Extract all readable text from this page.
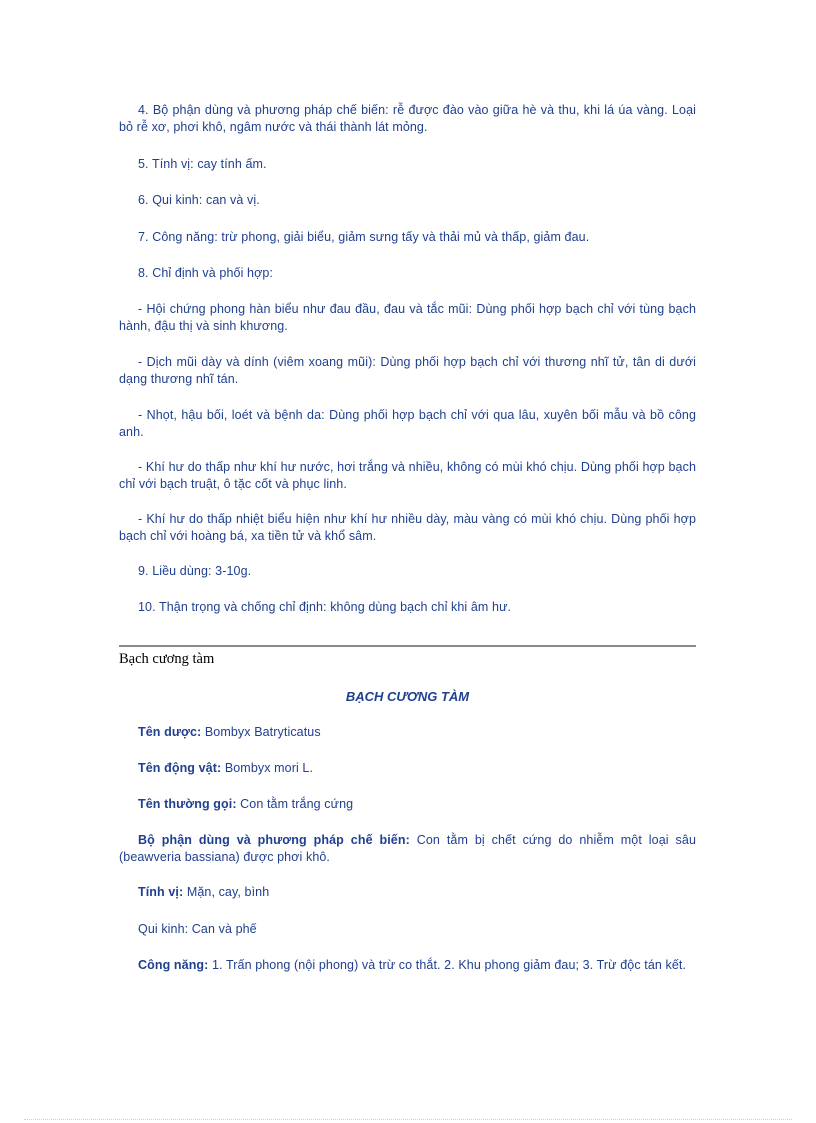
4. Bộ phận dùng và phương pháp chế biến: rễ được đào vào giữa hè và thu, khi lá úa vàng. Loại bỏ rễ xơ, phơi khô, ngâm nước và thái thành lát mỏng.

5. Tính vị: cay tính ấm.

6. Qui kinh: can và vị.

7. Công năng: trừ phong, giải biểu, giảm sưng tấy và thải mủ và thấp, giảm đau.

8. Chỉ định và phối hợp:

- Hội chứng phong hàn biểu như đau đầu, đau và tắc mũi: Dùng phối hợp bạch chỉ với tùng bạch hành, đậu thị và sinh khương.

- Dịch mũi dày và dính (viêm xoang mũi): Dùng phối hợp bạch chỉ với thương nhĩ tử, tân di dưới dạng thương nhĩ tán.

- Nhọt, hậu bối, loét và bệnh da: Dùng phối hợp bạch chỉ với qua lâu, xuyên bối mẫu và bồ công anh.

- Khí hư do thấp như khí hư nước, hơi trắng và nhiều, không có mùi khó chịu. Dùng phối hợp bạch chỉ với bạch truật, ô tặc cốt và phục linh.

- Khí hư do thấp nhiệt biểu hiện như khí hư nhiều dày, màu vàng có mùi khó chịu. Dùng phối hợp bạch chỉ với hoàng bá, xa tiền tử và khổ sâm.

9. Liều dùng: 3-10g.

10. Thận trọng và chống chỉ định: không dùng bạch chỉ khi âm hư.

Bạch cương tàm
BẠCH CƯƠNG TÀM

Tên dược: Bombyx Batryticatus

Tên động vật: Bombyx mori L.

Tên thường gọi: Con tằm trắng cứng

Bộ phận dùng và phương pháp chế biến: Con tằm bị chết cứng do nhiễm một loại sâu (beawveria bassiana) được phơi khô.

Tính vị: Mặn, cay, bình

Qui kinh: Can và phế

Công năng: 1. Trấn phong (nội phong) và trừ co thắt. 2. Khu phong giảm đau; 3. Trừ độc tán kết.
